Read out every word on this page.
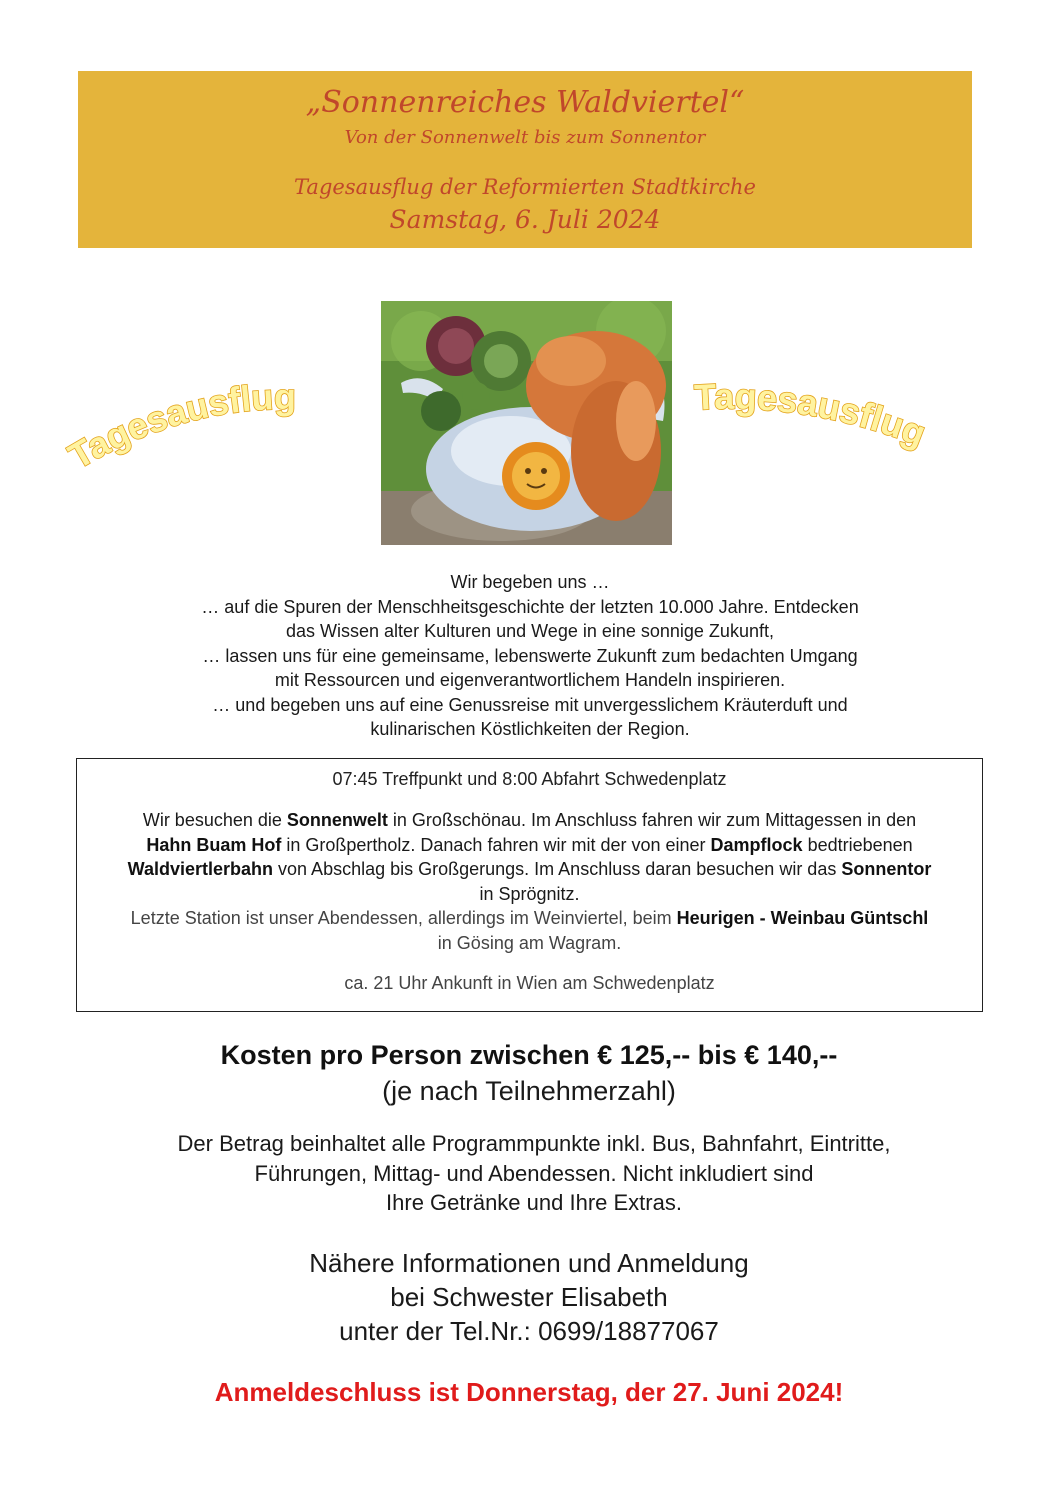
„Sonnenreiches Waldviertel“
Von der Sonnenwelt bis zum Sonnentor
Tagesausflug der Reformierten Stadtkirche
Samstag, 6. Juli 2024
Tagesausflug	Tagesausflug

Wir begeben uns …

… auf die Spuren der Menschheitsgeschichte der letzten 10.000 Jahre. Entdecken

das Wissen alter Kulturen und Wege in eine sonnige Zukunft,

… lassen uns für eine gemeinsame, lebenswerte Zukunft zum bedachten Umgang

mit Ressourcen und eigenverantwortlichem Handeln inspirieren.

… und begeben uns auf eine Genussreise mit unvergesslichem Kräuterduft und

kulinarischen Köstlichkeiten der Region.

07:45 Treffpunkt und 8:00 Abfahrt Schwedenplatz
Wir besuchen die Sonnenwelt in Großschönau. Im Anschluss fahren wir zum Mittagessen in den Hahn Buam Hof in Großpertholz. Danach fahren wir mit der von einer Dampflock bedtriebenen Waldviertlerbahn von Abschlag bis Großgerungs. Im Anschluss daran besuchen wir das Sonnentor in Sprögnitz.
Letzte Station ist unser Abendessen, allerdings im Weinviertel, beim Heurigen - Weinbau Güntschl in Gösing am Wagram.
ca. 21 Uhr Ankunft in Wien am Schwedenplatz
Kosten pro Person zwischen € 125,-- bis € 140,--
(je nach Teilnehmerzahl)
Der Betrag beinhaltet alle Programmpunkte inkl. Bus, Bahnfahrt, Eintritte,
Führungen, Mittag- und Abendessen. Nicht inkludiert sind
Ihre Getränke und Ihre Extras.
Nähere Informationen und Anmeldung
bei Schwester Elisabeth
unter der Tel.Nr.: 0699/18877067
Anmeldeschluss ist Donnerstag, der 27. Juni 2024!
